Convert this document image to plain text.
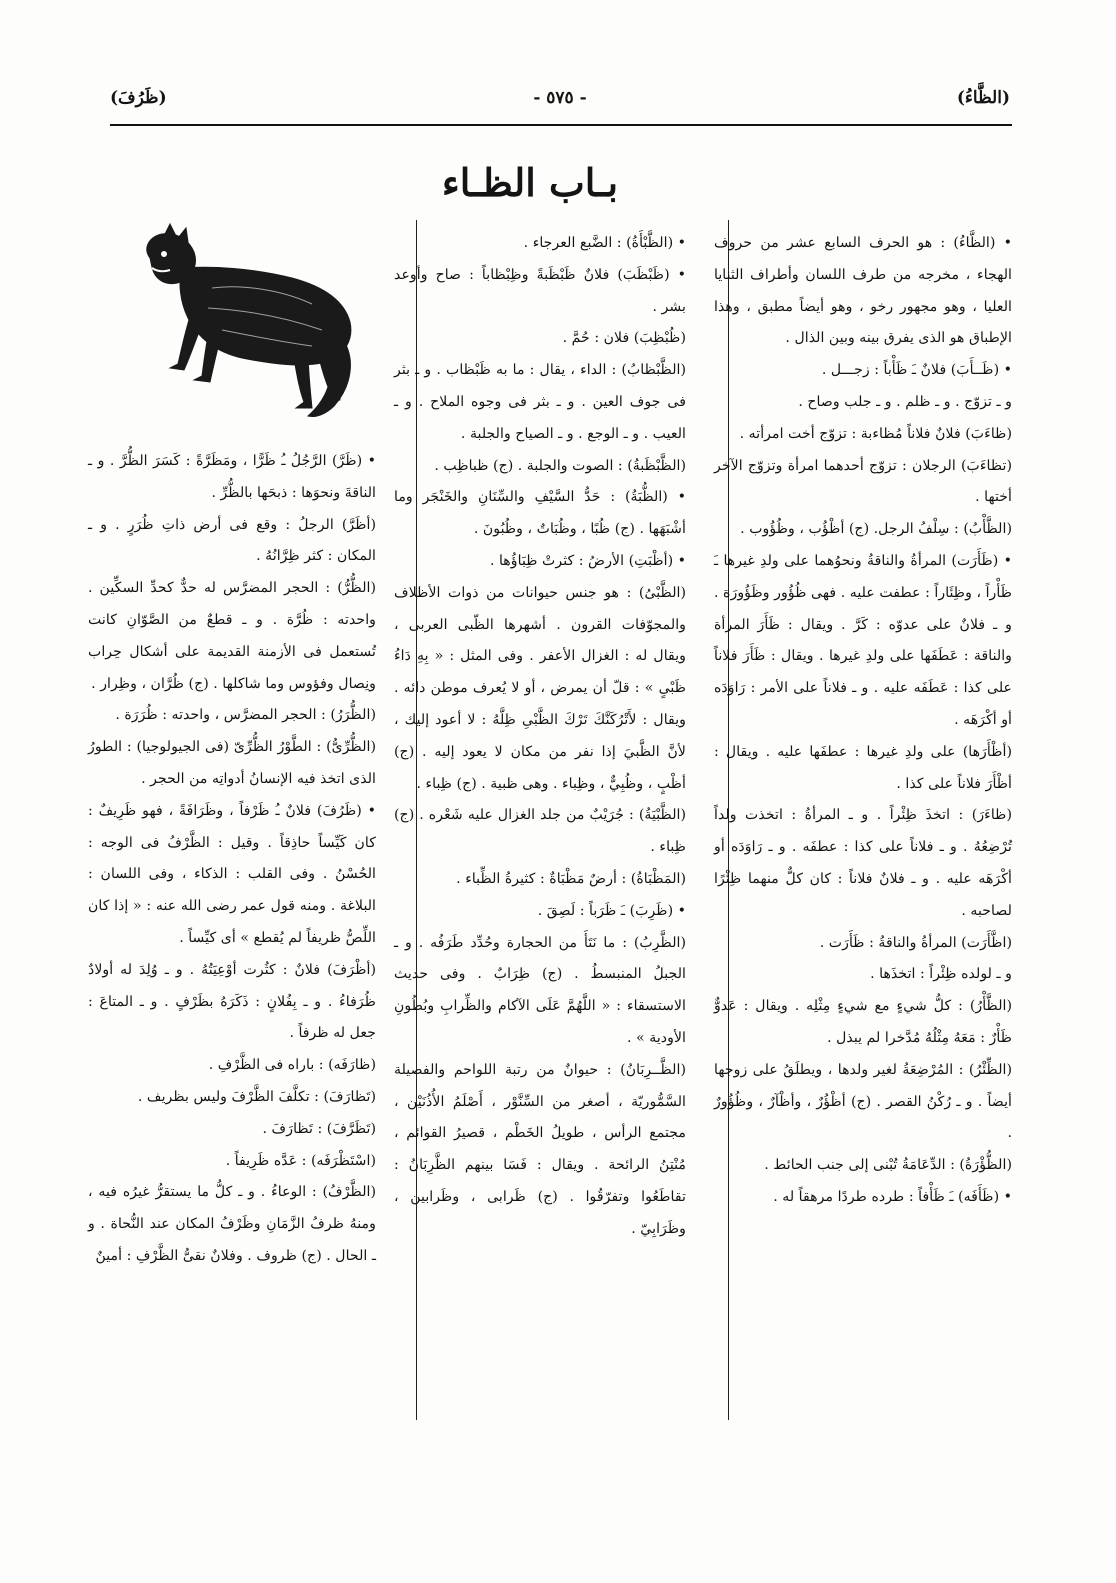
(الظَّاءُ)
- ٥٧٥ -
(ظَرُفَ)
بـاب الظـاء

• (الظَّاءُ) : هو الحرف السابع عشر من حروف الهجاء ، مخرجه من طرف اللسان وأطراف الثنايا العليا ، وهو مجهور رخو ، وهو أيضاً مطبق ، وهذا الإطباق هو الذى يفرق بينه وبين الذال .

• (ظَــأَبَ) فلانٌ ـَ ظَأْباً : زجـــل .

و ـ تزوّج . و ـ ظلم . و ـ جلب وصاح .

(ظاءَبَ) فلانٌ فلاناً مُظاءبة : تزوّج أخت امرأته .

(تظاءَبَ) الرجلان : تزوّج أحدهما امرأة وتزوّج الآخر أختها .

(الظَّأْبُ) : سِلْفُ الرجل. (ج) أظْؤُب ، وظُؤُوب .

• (ظَأَرَت) المرأةُ والناقةُ ونحوُهما على ولدِ غيرها ـَ ظَأْراً ، وظِئَاراً : عطفت عليه . فهى ظُؤُور وظَؤُورَة . و ـ فلانٌ على عدوّه : كَرَّ . ويقال : ظَأَرَ المرأة والناقة : عَطَفَها على ولدِ غيرها . ويقال : ظَأَرَ فلاناً على كذا : عَطَفَه عليه . و ـ فلاناً على الأمر : رَاوَدَه أو أكْرَهَه .

(أظْأَرَها) على ولدِ غيرها : عطفَها عليه . ويقال : أظْأَرَ فلاناً على كذا .

(ظاءَرَ) : اتخذَ ظِئْراً . و ـ المرأةُ : اتخذت ولداً تُرْضِعُهُ . و ـ فلاناً على كذا : عطفَه . و ـ رَاوَدَه أو أكْرَهَه عليه . و ـ فلانٌ فلاناً : كان كلٌّ منهما ظِئْرًا لصاحبه .

(اظَّأَرَت) المرأةُ والناقةُ : ظَأَرَت .

و ـ لولده ظِئْراً : اتخذَها .

(الظَّأْرُ) : كلُّ شيءٍ مع شيءٍ مِثْلِه . ويقال : عَدوٌّ ظَأْرٌ : مَعَهُ مِثْلُهُ مُدَّخرا لم يبذل .

(الظِّئْرُ) : المُرْضِعَةُ لغير ولدها ، ويطلَقُ على زوجها أيضاً . و ـ رُكْنُ القصر . (ج) أظْؤُرٌ ، وأظْآرٌ ، وظُؤُورٌ .

(الظُّؤْرَةُ) : الدِّعَامَةُ تُبْنى إلى جنب الحائط .

• (ظَأَفَه) ـَ ظَأْفاً : طرده طردًا مرهقاً له .

• (الظَّبْأَةُ) : الضَّبع العرجاء .

• (ظَبْظَبَ) فلانٌ ظَبْظَبةً وظِبْظاباً : صاح وأوعد بشر .

(ظُبْظِبَ) فلان : حُمَّ .

(الظَّبْظابُ) : الداء ، يقال : ما به ظَبْظاب . و ـ بثر فى جوف العين . و ـ بثر فى وجوه الملاح . و ـ العيب . و ـ الوجع . و ـ الصياح والجلبة .

(الظَّبْظَبةُ) : الصوت والجلبة . (ج) ظباظِب .

• (الظُّبَةُ) : حَدُّ السَّيْفِ والسِّنَانِ والخَنْجَر وما أشْبَهَها . (ج) ظُبًا ، وظُبَاتٌ ، وظُبُونَ .

• (أظْبَتِ) الأرضُ : كثرتْ ظِبَاؤُها .

(الظَّبْىُ) : هو جنس حيوانات من ذوات الأظلاف والمجوّفات القرون . أشهرها الظّبى العربى ، ويقال له : الغزال الأعفر . وفى المثل : « بِهِ دَاءُ ظَبْىٍ » : قلّ أن يمرض ، أو لا يُعرف موطن دائه . ويقال : لأَتْرُكَنَّكَ تَرْكَ الظَّبْىِ ظِلَّهُ : لا أعود إليك ، لأنَّ الظَّبيَ إذا نفر من مكان لا يعود إليه . (ج) أظْبٍ ، وظُبِيٌّ ، وظِباء . وهى ظبية . (ج) ظِباء .

(الظَّبْيَةُ) : جُرَيْبٌ من جلد الغزال عليه شَعْره . (ج) ظِباء .

(المَظْبَاةُ) : أرضٌ مَظْبَاةٌ : كثيرةُ الظِّباء .

• (ظَرِبَ) ـَ ظَرَباً : لَصِقَ .

(الظَّرِبُ) : ما نَتَأَ من الحجارة وحُدِّد طَرَفُه . و ـ الجبلُ المنبسطُ . (ج) ظِرَابٌ . وفى حديث الاستسقاء : « اللَّهُمَّ عَلَى الآكام والظِّرابِ وبُطُونِ الأودية » .

(الظَّــرِبَانُ) : حيوانٌ من رتبة اللواحم والفصيلة السَّمُّوريّة ، أصغر من السِّنَّوْر ، أَصْلَمُ الأُذُنَيْن ، مجتمع الرأس ، طويلُ الخَطْم ، قصيرُ القوائم ، مُنْتِنُ الرائحة . ويقال : فَسَا بينهم الظَّرِبَانُ : تقاطَعُوا وتفرّقُوا . (ج) ظَرابى ، وظَرابين ، وظَرَابِيّ .

• (ظَرَّ) الرَّجُلُ ـُ ظَرًّا ، ومَظَرَّةً : كَسَرَ الظُّرَّ . و ـ الناقةَ ونحوَها : ذبحَها بالظُّرِّ .

(أظَرَّ) الرجلُ : وقع فى أرض ذاتِ ظُرَرٍ . و ـ المكان : كثر ظِرَّانُهُ .

(الظُّرُّ) : الحجر المضرَّس له حدٌّ كحدِّ السكِّين . واحدته : ظُرَّة . و ـ قطعٌ من الصَّوّانِ كانت تُستعمل فى الأزمنة القديمة على أشكال حِراب ونِصال وفؤوس وما شاكلها . (ج) ظُرَّان ، وظِرار .

(الظُّرَرُ) : الحجر المضرَّس ، واحدته : ظُرَرَة .

(الظُّرِّىُّ) : الطَّوْرُ الظُّرِّىّ (فى الجيولوجيا) : الطورُ الذى اتخذ فيه الإنسانُ أدواتِه من الحجر .

• (ظَرُفَ) فلانٌ ـُ ظَرْفاً ، وظَرَافَةً ، فهو ظَرِيفٌ : كان كَيِّساً حاذِقاً . وقيل : الظَّرْفُ فى الوجه : الحُسْنُ . وفى القلب : الذكاء ، وفى اللسان : البلاغة . ومنه قول عمر رضى الله عنه : « إذا كان اللِّصُّ ظريفاً لم يُقطع » أى كيِّساً .

(أظْرَفَ) فلانٌ : كثُرت أوْعِيَتُهُ . و ـ وُلِدَ له أولادٌ ظُرَفاءُ . و ـ بِفُلانٍ : ذَكَرَهُ بظَرْفٍ . و ـ المتاعَ : جعل له ظرفاً .

(ظارَفَه) : باراه فى الظَّرْفِ .

(تَظارَفَ) : تكلَّفَ الظَّرْفَ وليس بظريف .

(تَظَرَّفَ) : تَظارَفَ .

(اسْتَظْرَفَه) : عَدَّه ظَرِيفاً .

(الظَّرْفُ) : الوعاءُ . و ـ كلُّ ما يستقرُّ غيرُه فيه ، ومنهُ ظرفُ الزَّمَانِ وظَرْفُ المكان عند النُّحاة . و ـ الحال . (ج) ظروف . وفلانٌ نقىُّ الظَّرْفِ : أمينٌ
